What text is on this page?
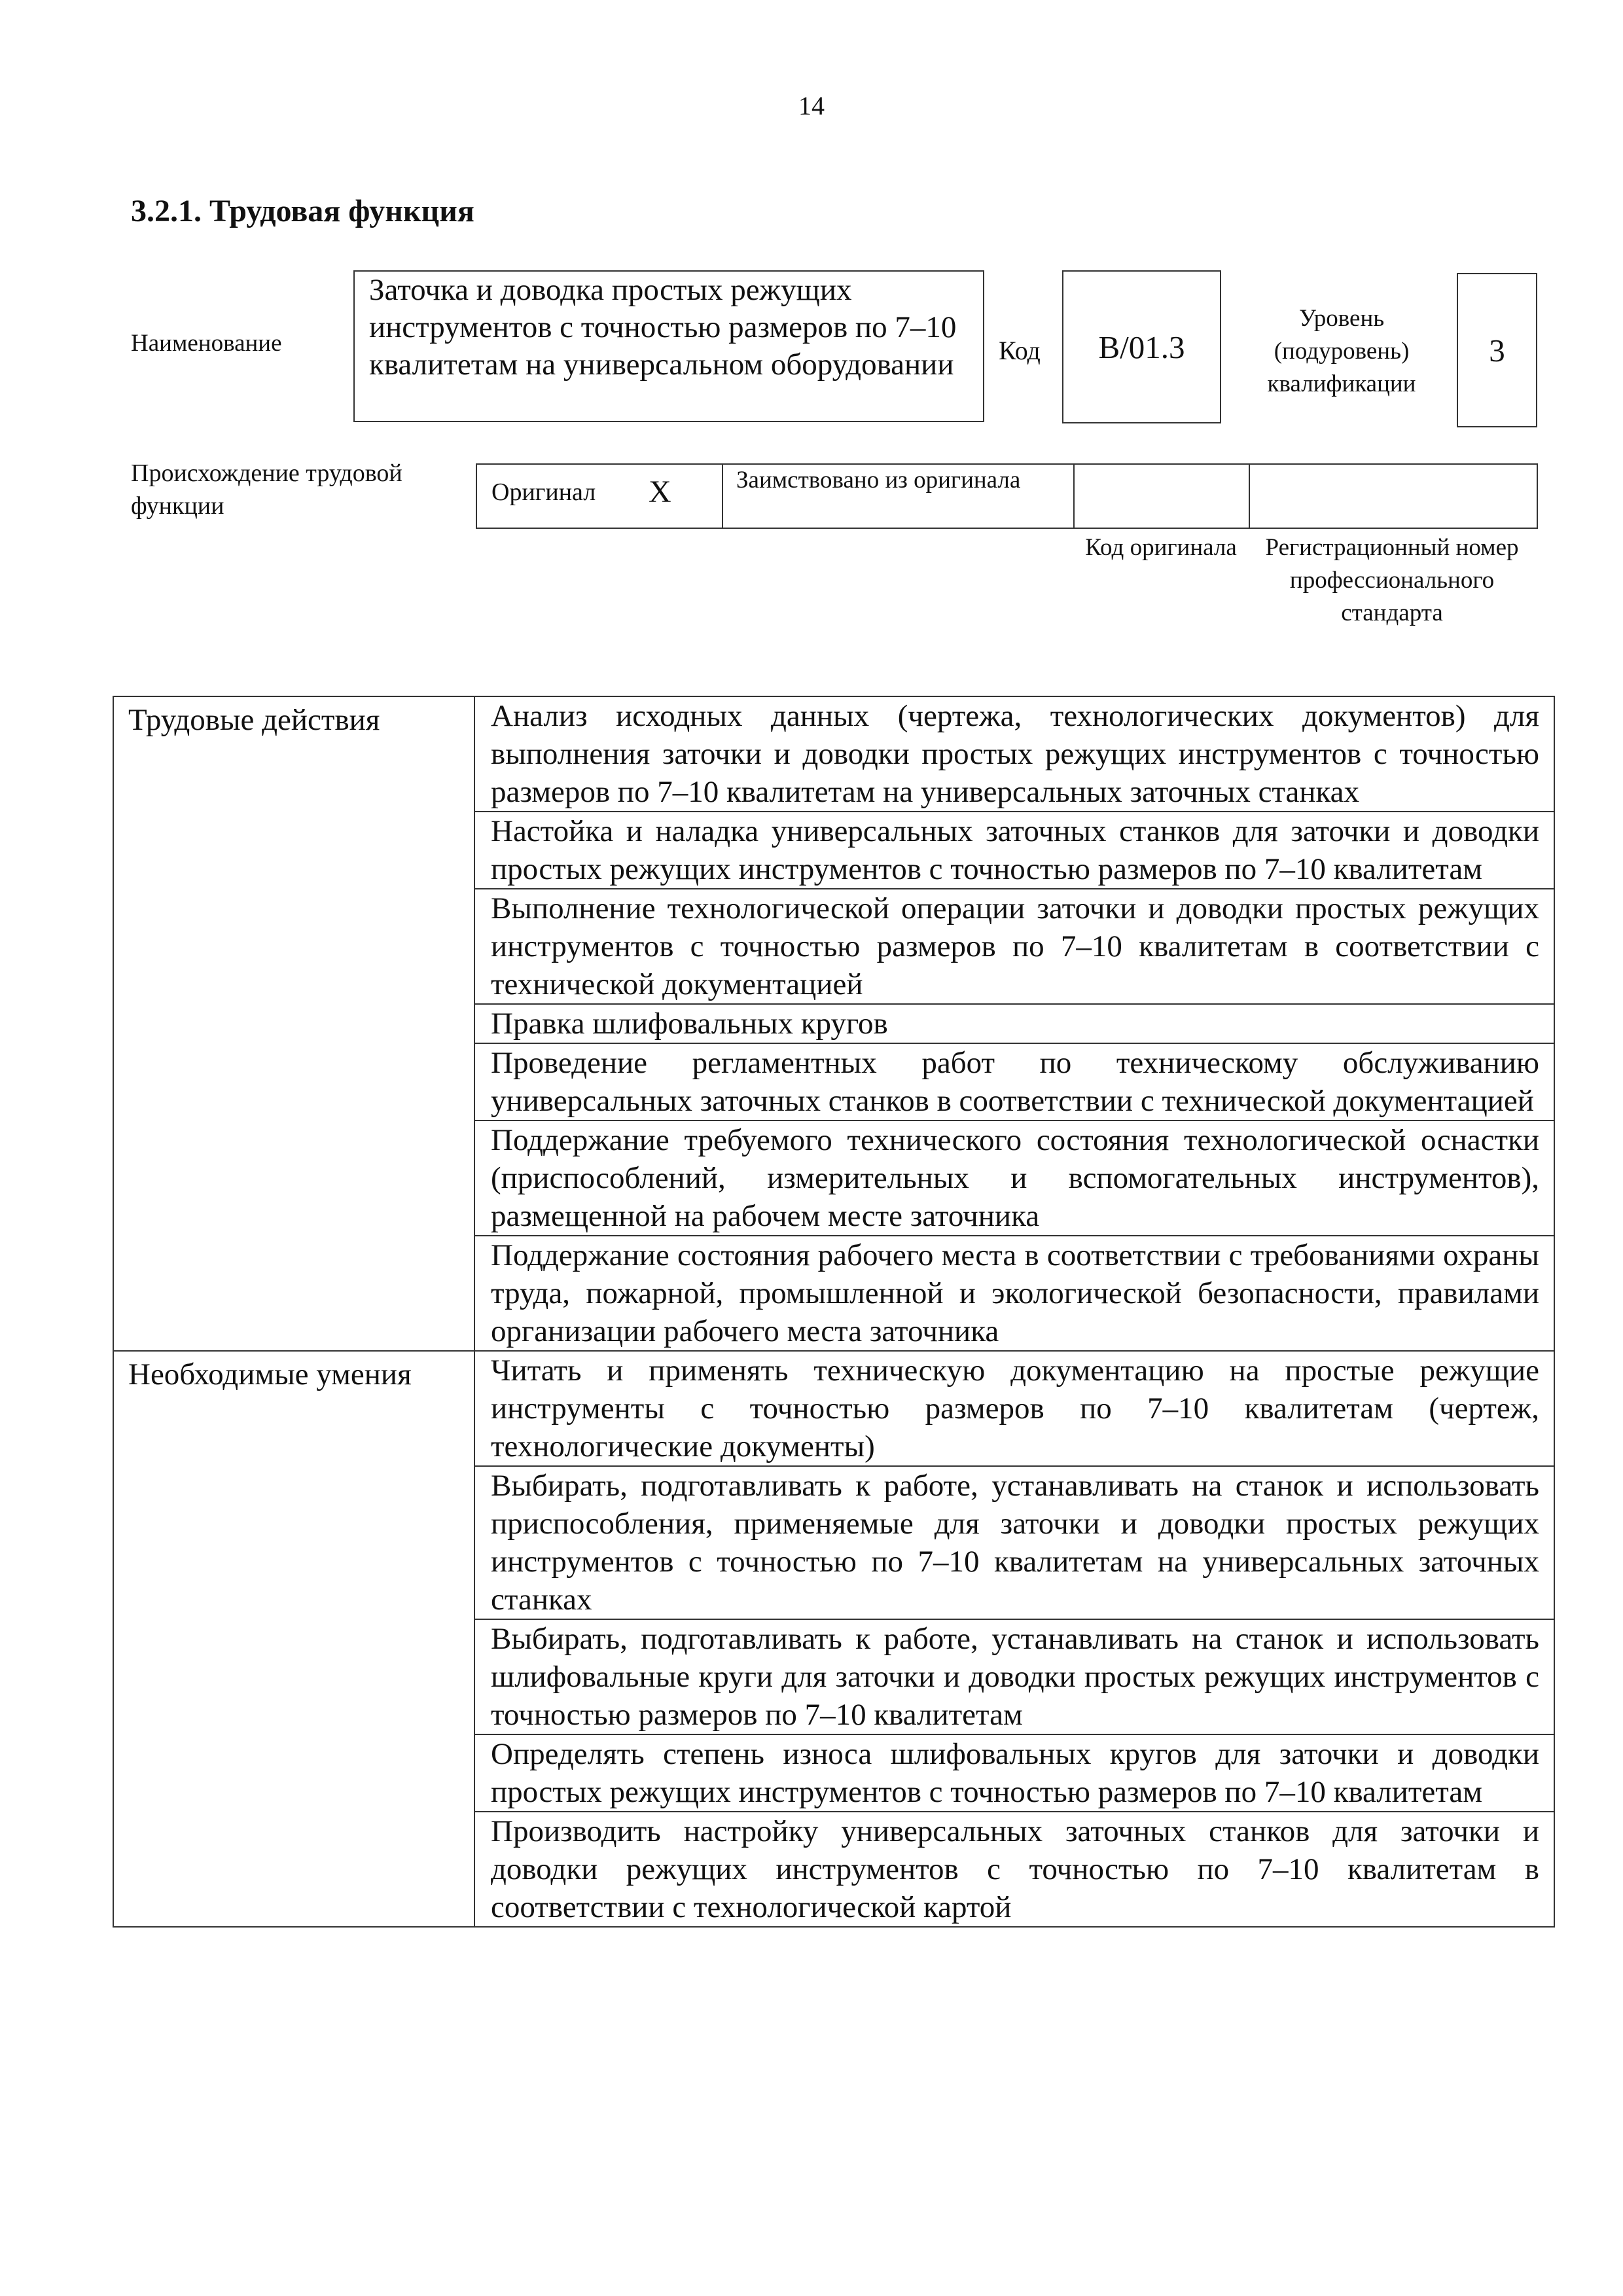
14
3.2.1. Трудовая функция
Наименование
Заточка и доводка простых режущих инструментов с точностью размеров по 7–10 квалитетам на универсальном оборудовании	Код В/01.3
Уровень (подуровень) квалификации
3
Происхождение трудовой функции	Оригинал X	Заимствовано из оригинала
Код оригинала	Регистрационный номер профессионального стандарта
Трудовые действия	Анализ исходных данных (чертежа, технологических документов) для выполнения заточки и доводки простых режущих инструментов с точностью размеров по 7–10 квалитетам на универсальных заточных станках
	Настойка и наладка универсальных заточных станков для заточки и доводки простых режущих инструментов с точностью размеров по 7–10 квалитетам
	Выполнение технологической операции заточки и доводки простых режущих инструментов с точностью размеров по 7–10 квалитетам в соответствии с технической документацией
	Правка шлифовальных кругов
	Проведение регламентных работ по техническому обслуживанию универсальных заточных станков в соответствии с технической документацией
	Поддержание требуемого технического состояния технологической оснастки (приспособлений, измерительных и вспомогательных инструментов), размещенной на рабочем месте заточника
	Поддержание состояния рабочего места в соответствии с требованиями охраны труда, пожарной, промышленной и экологической безопасности, правилами организации рабочего места заточника
Необходимые умения	Читать и применять техническую документацию на простые режущие инструменты с точностью размеров по 7–10 квалитетам (чертеж, технологические документы)
	Выбирать, подготавливать к работе, устанавливать на станок и использовать приспособления, применяемые для заточки и доводки простых режущих инструментов с точностью по 7–10 квалитетам на универсальных заточных станках
	Выбирать, подготавливать к работе, устанавливать на станок и использовать шлифовальные круги для заточки и доводки простых режущих инструментов с точностью размеров по 7–10 квалитетам
	Определять степень износа шлифовальных кругов для заточки и доводки простых режущих инструментов с точностью размеров по 7–10 квалитетам
	Производить настройку универсальных заточных станков для заточки и доводки режущих инструментов с точностью по 7–10 квалитетам в соответствии с технологической картой
